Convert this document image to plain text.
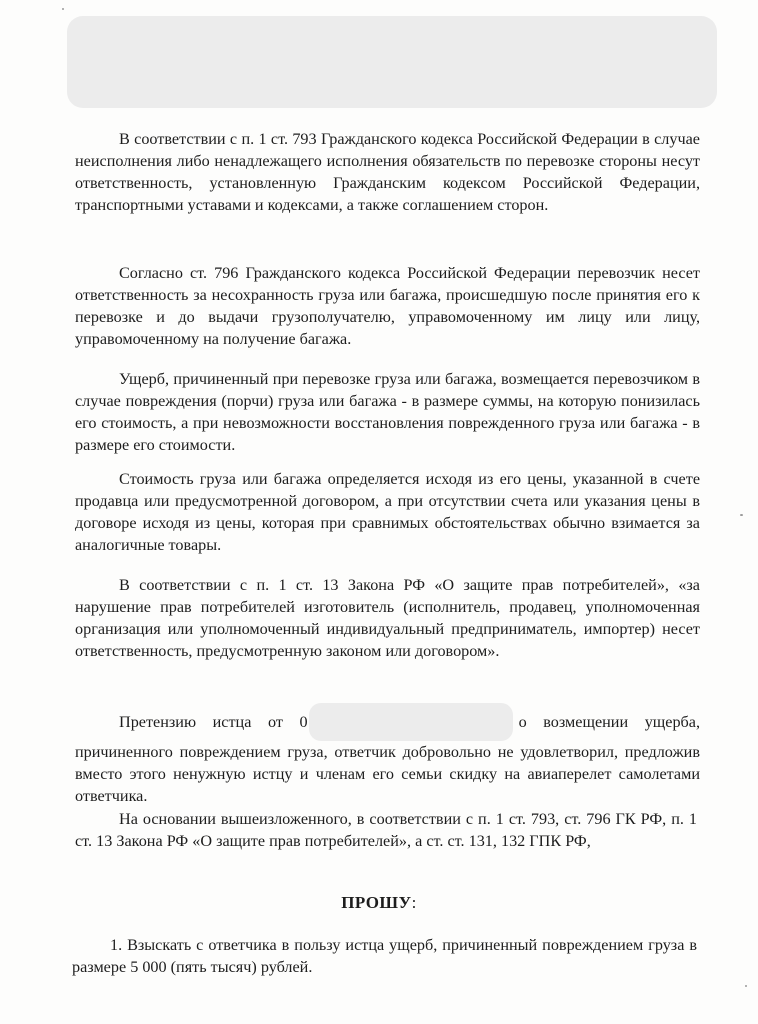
В соответствии с п. 1 ст. 793 Гражданского кодекса Российской Федерации в случае неисполнения либо ненадлежащего исполнения обязательств по перевозке стороны несут ответственность, установленную Гражданским кодексом Российской Федерации, транспортными уставами и кодексами, а также соглашением сторон.

Согласно ст. 796 Гражданского кодекса Российской Федерации перевозчик несет ответственность за несохранность груза или багажа, происшедшую после принятия его к перевозке и до выдачи грузополучателю, управомоченному им лицу или лицу, управомоченному на получение багажа.

Ущерб, причиненный при перевозке груза или багажа, возмещается перевозчиком в случае повреждения (порчи) груза или багажа - в размере суммы, на которую понизилась его стоимость, а при невозможности восстановления поврежденного груза или багажа - в размере его стоимости.

Стоимость груза или багажа определяется исходя из его цены, указанной в счете продавца или предусмотренной договором, а при отсутствии счета или указания цены в договоре исходя из цены, которая при сравнимых обстоятельствах обычно взимается за аналогичные товары.

В соответствии с п. 1 ст. 13 Закона РФ «О защите прав потребителей», «за нарушение прав потребителей изготовитель (исполнитель, продавец, уполномоченная организация или уполномоченный индивидуальный предприниматель, импортер) несет ответственность, предусмотренную законом или договором».

Претензию истца от 0	о возмещении ущерба, причиненного повреждением груза, ответчик добровольно не удовлетворил, предложив вместо этого ненужную истцу и членам его семьи скидку на авиаперелет самолетами ответчика.

На основании вышеизложенного, в соответствии с п. 1 ст. 793, ст. 796 ГК РФ, п. 1 ст. 13 Закона РФ «О защите прав потребителей», а ст. ст. 131, 132 ГПК РФ,

ПРОШУ:

1. Взыскать с ответчика в пользу истца ущерб, причиненный повреждением груза в размере 5 000 (пять тысяч) рублей.
